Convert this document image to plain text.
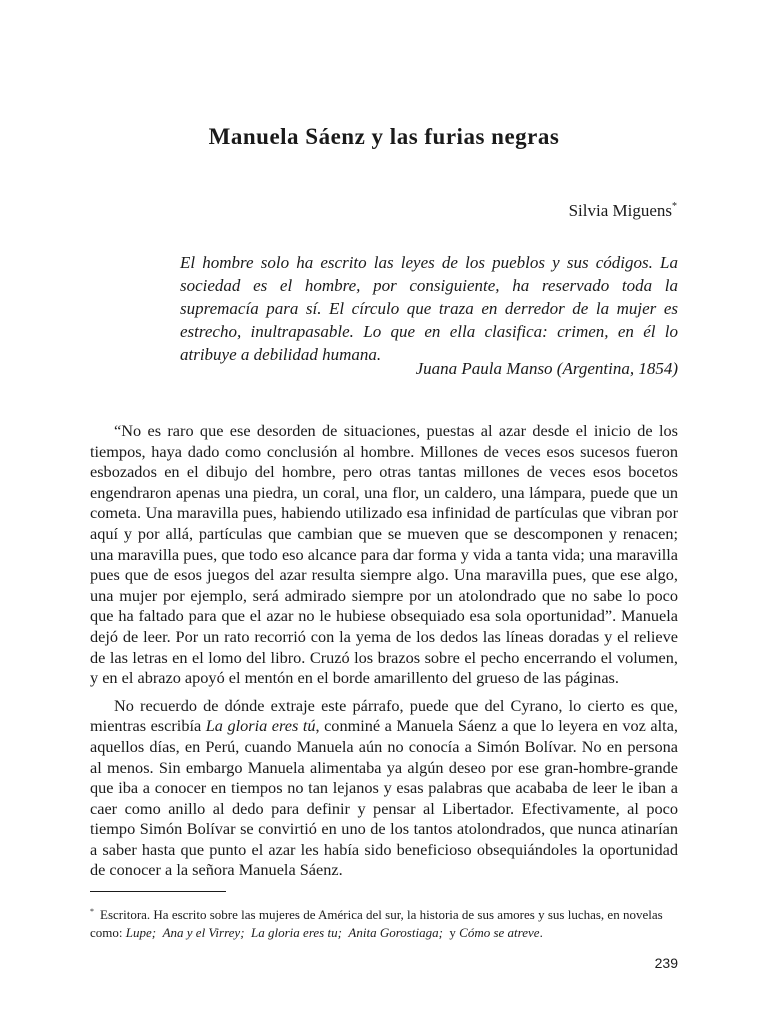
Manuela Sáenz y las furias negras
Silvia Miguens*
El hombre solo ha escrito las leyes de los pueblos y sus códigos. La sociedad es el hombre, por consiguiente, ha reservado toda la supremacía para sí. El círculo que traza en derredor de la mujer es estrecho, inultrapasable. Lo que en ella clasifica: crimen, en él lo atribuye a debilidad humana.
Juana Paula Manso (Argentina, 1854)

“No es raro que ese desorden de situaciones, puestas al azar desde el inicio de los tiempos, haya dado como conclusión al hombre. Millones de veces esos sucesos fueron esbozados en el dibujo del hombre, pero otras tantas millones de veces esos bocetos engendraron apenas una piedra, un coral, una flor, un caldero, una lámpara, puede que un cometa. Una maravilla pues, habiendo utilizado esa infinidad de partículas que vibran por aquí y por allá, partículas que cambian que se mueven que se descomponen y renacen; una maravilla pues, que todo eso alcance para dar forma y vida a tanta vida; una maravilla pues que de esos juegos del azar resulta siempre algo. Una maravilla pues, que ese algo, una mujer por ejemplo, será admirado siempre por un atolondrado que no sabe lo poco que ha faltado para que el azar no le hubiese obsequiado esa sola oportunidad”. Manuela dejó de leer. Por un rato recorrió con la yema de los dedos las líneas doradas y el relieve de las letras en el lomo del libro. Cruzó los brazos sobre el pecho encerrando el volumen, y en el abrazo apoyó el mentón en el borde amarillento del grueso de las páginas.

No recuerdo de dónde extraje este párrafo, puede que del Cyrano, lo cierto es que, mientras escribía La gloria eres tú, conminé a Manuela Sáenz a que lo leyera en voz alta, aquellos días, en Perú, cuando Manuela aún no conocía a Simón Bolívar. No en persona al menos. Sin embargo Manuela alimentaba ya algún deseo por ese gran-hombre-grande que iba a conocer en tiempos no tan lejanos y esas palabras que acababa de leer le iban a caer como anillo al dedo para definir y pensar al Libertador. Efectivamente, al poco tiempo Simón Bolívar se convirtió en uno de los tantos atolondrados, que nunca atinarían a saber hasta que punto el azar les había sido beneficioso obsequiándoles la oportunidad de conocer a la señora Manuela Sáenz.

* Escritora. Ha escrito sobre las mujeres de América del sur, la historia de sus amores y sus luchas, en novelas como: Lupe; Ana y el Virrey; La gloria eres tu; Anita Gorostiaga; y Cómo se atreve.
239
